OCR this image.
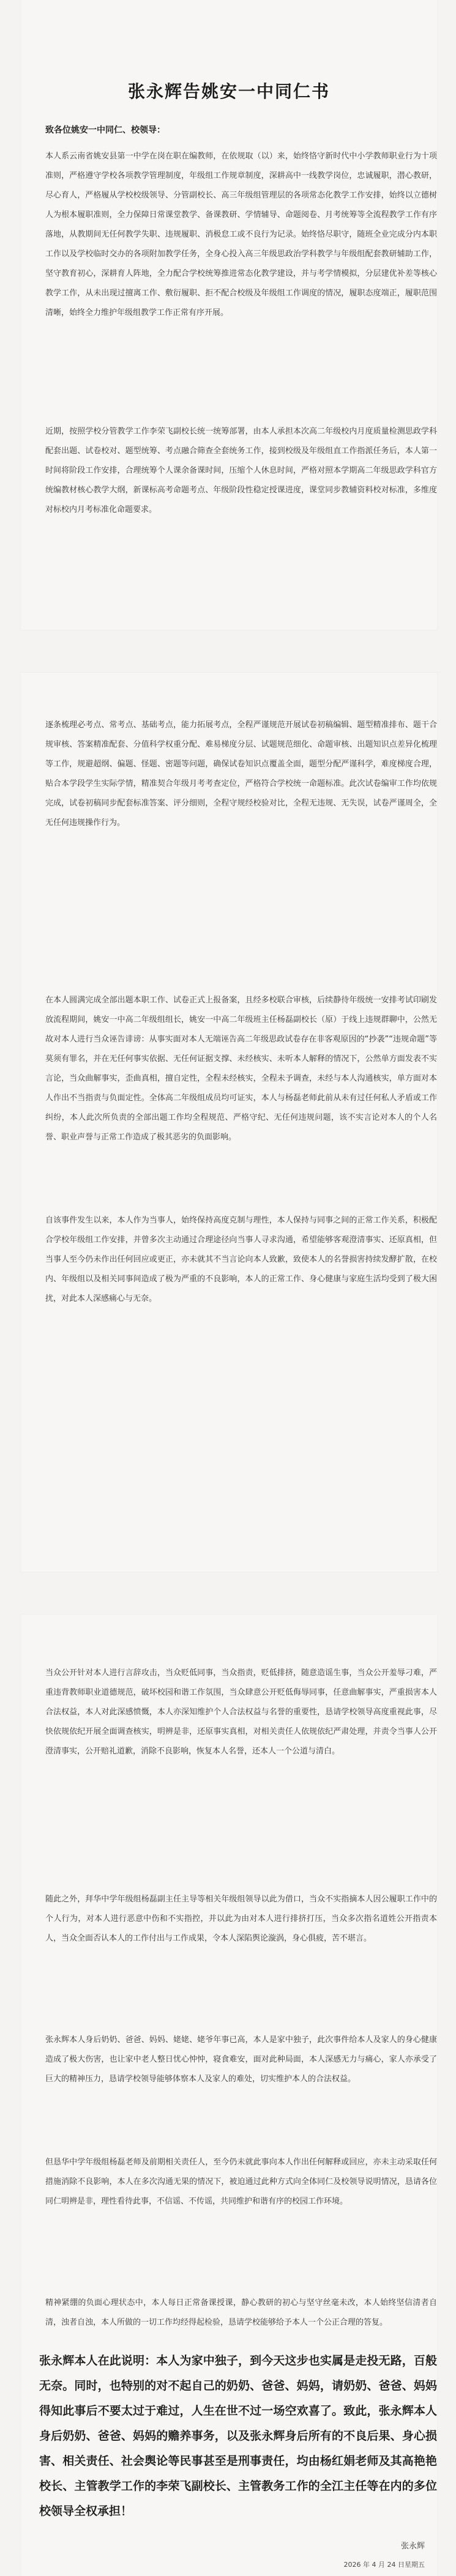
张永辉告姚安一中同仁书

致各位姚安一中同仁、校领导：

本人系云南省姚安县第一中学在岗在职在编教师，在依规取（以）来，始终恪守新时代中小学教师职业行为十项准则，严格遵守学校各项教学管理制度，年级组工作规章制度，深耕高中一线教学岗位，忠诚履职，潜心教研，尽心育人，严格履从学校校级领导、分管副校长、高三年级组管理层的各项常态化教学工作安排，始终以立德树人为根本履职准则，全力保障日常课堂教学、备课教研、学情辅导、命题阅卷、月考统筹等全流程教学工作有序落地，从教期间无任何教学失职、违规履职、消极怠工或不良行为记录。始终恪尽职守，随班全业完成分内本职工作以及学校临时交办的各项附加教学任务，全身心投入高三年级思政治学科教学与年级组配套教研辅助工作，坚守教育初心，深耕育人阵地，全力配合学校统筹推进常态化教学建设，并与考学情模拟，分层建优补差等核心教学工作，从未出现过擅离工作、敷衍履职、拒不配合校级及年级组工作调度的情况，履职态度端正，履职范围清晰，始终全力维护年级组教学工作正常有序开展。

近期，按照学校分管教学工作李荣飞副校长统一统筹部署，由本人承担本次高二年级校内月度质量检测思政学科配套出题、试卷校对、题型统筹、考点融合筛查全套统务工作，接到校级及年级组直工作指派任务后，本人第一时间将阶段工作安排，合理统筹个人课余备课时间，压缩个人休息时间，严格对照本学期高二年级思政学科官方统编教材核心教学大纲，新课标高考命题考点、年级阶段性稳定授课进度，课堂同步教辅资料校对标准，多维度对标校内月考标准化命题要求。

逐条梳理必考点、常考点、基础考点，能力拓展考点，全程严谨规范开展试卷初稿编辑、题型精准排布、题干合规审核、答案精准配套、分值科学权重分配、难易梯度分层、试题规范细化、命题审核、出题知识点差异化梳理等工作，规避超纲、偏题、怪题、密题等问题，确保试卷知识点覆盖全面，题型分配严谨科学，难度梯度合理，贴合本学段学生实际学情，精准契合年级月考考查定位，严格符合学校统一命题标准。此次试卷编审工作均依规完成，试卷初稿同步配套标准答案、评分细则，全程守规经校验对比，全程无违规、无失误，试卷严谨周全，全无任何违规操作行为。

在本人圆满完成全部出题本职工作、试卷正式上报备案，且经多校联合审核，后续静待年级统一安排考试印刷发放流程期间，姚安一中高二年级组组长，姚安一中高二年级班主任杨磊副校长（原）于线上违规群聊中，公然无故对本人进行当众诬告诽谤：从事实面对本人无端诬告高二年级思政试卷存在非客观原因的“抄袭”“违规命题”等莫须有罪名，并在无任何事实依据、无任何证据支撑、未经核实、未听本人解释的情况下，公然单方面发表不实言论，当众曲解事实，歪曲真相，擅自定性，全程未经核实，全程未予调查，未经与本人沟通核实，单方面对本人作出不当指责与负面定性。全体高二年级组成员均可证实，本人与杨磊老师此前从未有过任何私人矛盾或工作纠纷，本人此次所负责的全部出题工作均全程规范、严格守纪、无任何违规问题，该不实言论对本人的个人名誉、职业声誉与正常工作造成了极其恶劣的负面影响。

自该事件发生以来，本人作为当事人，始终保持高度克制与理性，本人保持与同事之间的正常工作关系，积极配合学校年级组工作安排，并曾多次主动通过合理途径向当事人寻求沟通，希望能够客观澄清事实、还原真相，但当事人至今仍未作出任何回应或更正，亦未就其不当言论向本人致歉，致使本人的名誉损害持续发酵扩散，在校内、年级组以及相关同事间造成了极为严重的不良影响，本人的正常工作、身心健康与家庭生活均受到了极大困扰，对此本人深感痛心与无奈。

当众公开针对本人进行言辞攻击，当众贬低同事，当众指责，贬低排挤，随意造谣生事，当众公开羞辱刁难，严重违背教师职业道德规范，破坏校园和谐工作氛围，当众肆意公开贬低侮辱同事，任意曲解事实，严重损害本人合法权益，本人对此深感愤慨，本人亦深知维护个人合法权益与名誉的重要性，恳请学校领导高度重视此事，尽快依规依纪开展全面调查核实，明辨是非，还原事实真相，对相关责任人依规依纪严肃处理，并责令当事人公开澄清事实，公开赔礼道歉，消除不良影响，恢复本人名誉，还本人一个公道与清白。

随此之外，拜华中学年级组杨磊副主任主导等相关年级组领导以此为借口，当众不实指摘本人因公履职工作中的个人行为，对本人进行恶意中伤和不实指控，并以此为由对本人进行排挤打压，当众多次指名道姓公开指责本人，当众全面否认本人的工作付出与工作成果，令本人深陷舆论漩涡，身心俱疲，苦不堪言。

张永辉本人身后奶奶、爸爸、妈妈、姥姥、姥爷年事已高，本人是家中独子，此次事件给本人及家人的身心健康造成了极大伤害，也让家中老人整日忧心忡忡，寝食难安，面对此种局面，本人深感无力与痛心，家人亦承受了巨大的精神压力，恳请学校领导能够体察本人及家人的难处，切实维护本人的合法权益。

但恳华中学年级组杨磊老师及前期相关责任人，至今仍未就此事向本人作出任何解释或回应，亦未主动采取任何措施消除不良影响，本人在多次沟通无果的情况下，被迫通过此种方式向全体同仁及校领导说明情况，恳请各位同仁明辨是非，理性看待此事，不信谣、不传谣，共同维护和谐有序的校园工作环境。

精神紧绷的负面心理状态中，本人每日正常备课授课，静心教研的初心与坚守丝毫未改，本人始终坚信清者自清，浊者自浊，本人所做的一切工作均经得起检验，恳请学校能够给予本人一个公正合理的答复。

张永辉本人在此说明：本人为家中独子，到今天这步也实属是走投无路，百般无奈。同时，也特别的对不起自己的奶奶、爸爸、妈妈，请奶奶、爸爸、妈妈得知此事后不要太过于难过，人生在世不过一场空欢喜了。致此，张永辉本人身后奶奶、爸爸、妈妈的赡养事务，以及张永辉身后所有的不良后果、身心损害、相关责任、社会舆论等民事甚至是刑事责任，均由杨红娟老师及其高艳艳校长、主管教学工作的李荣飞副校长、主管教务工作的全江主任等在内的多位校领导全权承担！

张永辉

2026 年 4 月 24 日星期五
